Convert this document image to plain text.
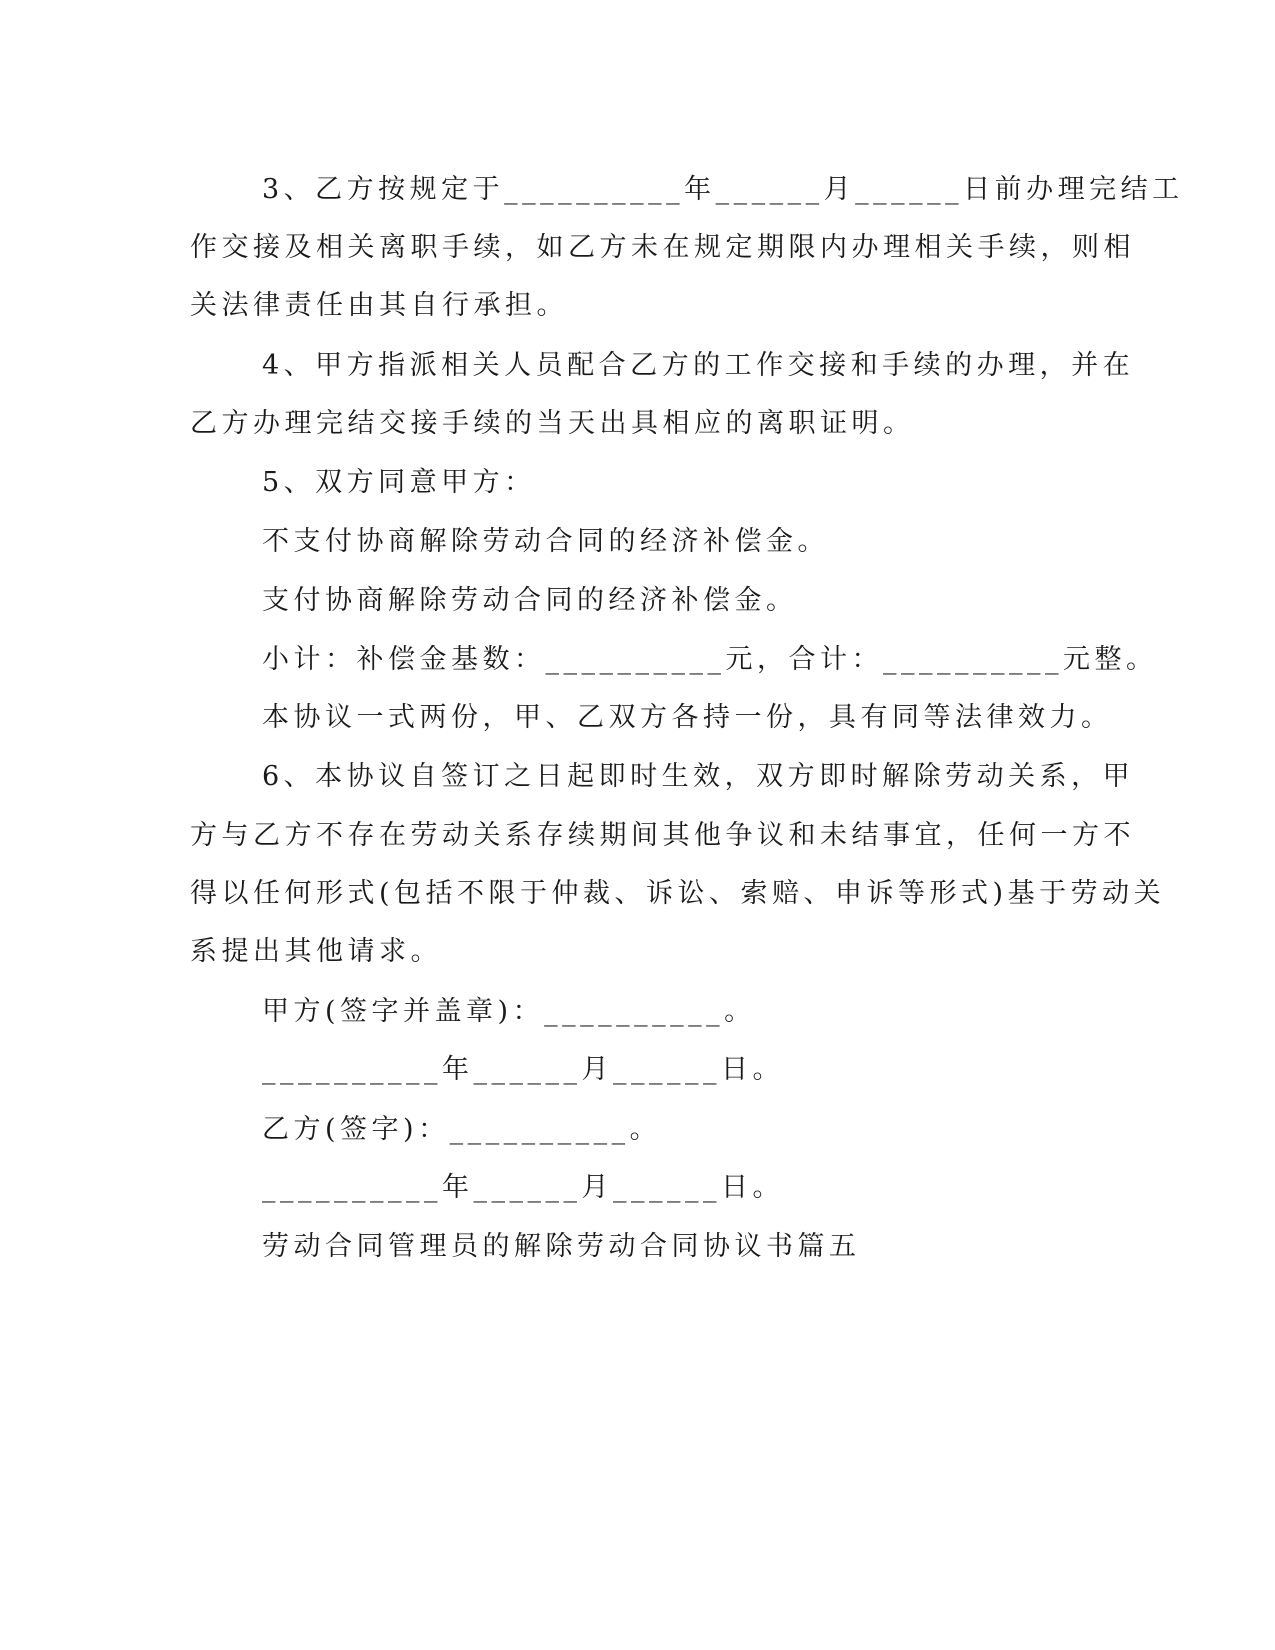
3、乙方按规定于__________年______月______日前办理完结工
作交接及相关离职手续，如乙方未在规定期限内办理相关手续，则相
关法律责任由其自行承担。
4、甲方指派相关人员配合乙方的工作交接和手续的办理，并在
乙方办理完结交接手续的当天出具相应的离职证明。
5、双方同意甲方：
不支付协商解除劳动合同的经济补偿金。
支付协商解除劳动合同的经济补偿金。
小计：补偿金基数：__________元，合计：__________元整。
本协议一式两份，甲、乙双方各持一份，具有同等法律效力。
6、本协议自签订之日起即时生效，双方即时解除劳动关系，甲
方与乙方不存在劳动关系存续期间其他争议和未结事宜，任何一方不
得以任何形式(包括不限于仲裁、诉讼、索赔、申诉等形式)基于劳动关
系提出其他请求。
甲方(签字并盖章)：__________。
__________年______月______日。
乙方(签字)：__________。
__________年______月______日。
劳动合同管理员的解除劳动合同协议书篇五
